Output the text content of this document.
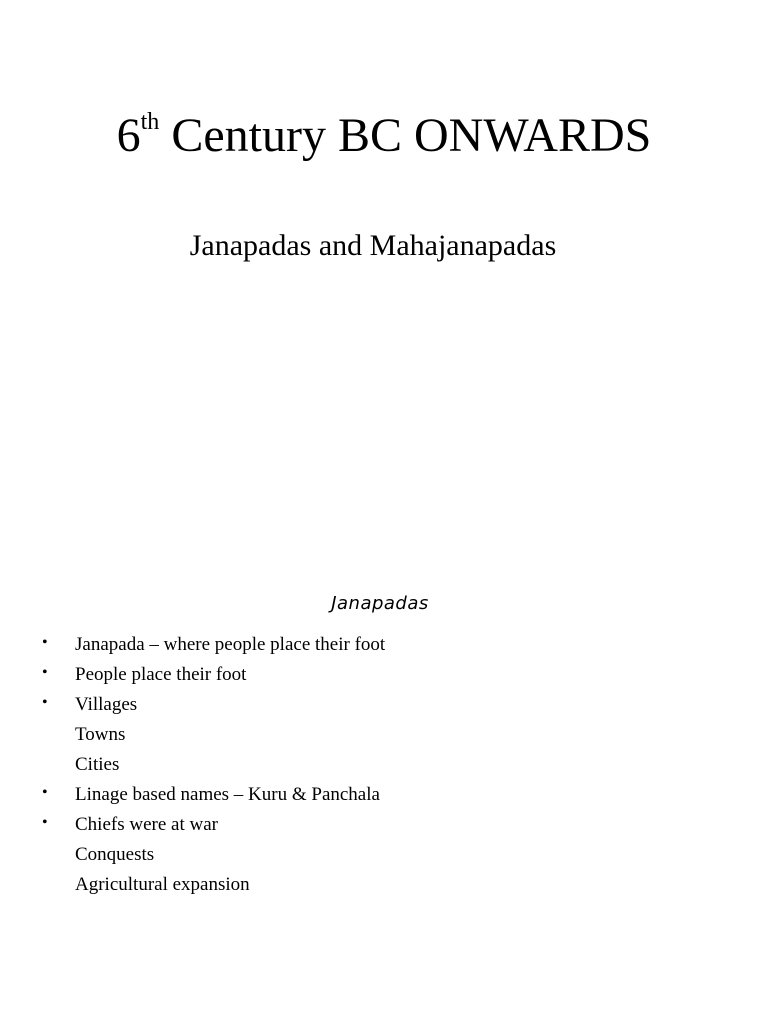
6th Century BC ONWARDS
Janapadas and Mahajanapadas
Janapadas
• Janapada – where people place their foot
• People place their foot
• Villages
Towns
Cities
• Linage based names – Kuru & Panchala
• Chiefs were at war
Conquests
Agricultural expansion
